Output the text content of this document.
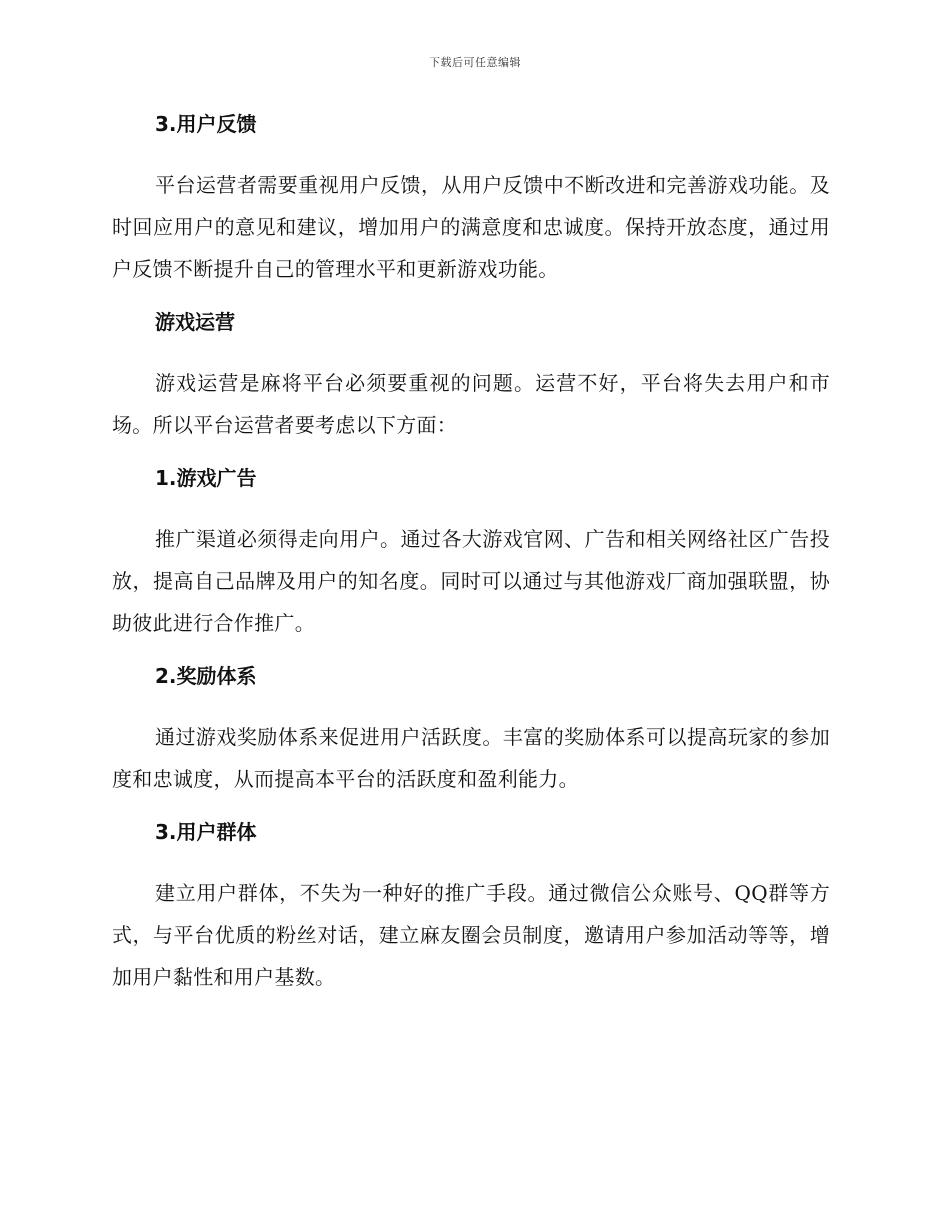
下载后可任意编辑
3.用户反馈

平台运营者需要重视用户反馈，从用户反馈中不断改进和完善游戏功能。及时回应用户的意见和建议，增加用户的满意度和忠诚度。保持开放态度，通过用户反馈不断提升自己的管理水平和更新游戏功能。

游戏运营

游戏运营是麻将平台必须要重视的问题。运营不好，平台将失去用户和市场。所以平台运营者要考虑以下方面：

1.游戏广告

推广渠道必须得走向用户。通过各大游戏官网、广告和相关网络社区广告投放，提高自己品牌及用户的知名度。同时可以通过与其他游戏厂商加强联盟，协助彼此进行合作推广。

2.奖励体系

通过游戏奖励体系来促进用户活跃度。丰富的奖励体系可以提高玩家的参加度和忠诚度，从而提高本平台的活跃度和盈利能力。

3.用户群体

建立用户群体，不失为一种好的推广手段。通过微信公众账号、QQ群等方式，与平台优质的粉丝对话，建立麻友圈会员制度，邀请用户参加活动等等，增加用户黏性和用户基数。
